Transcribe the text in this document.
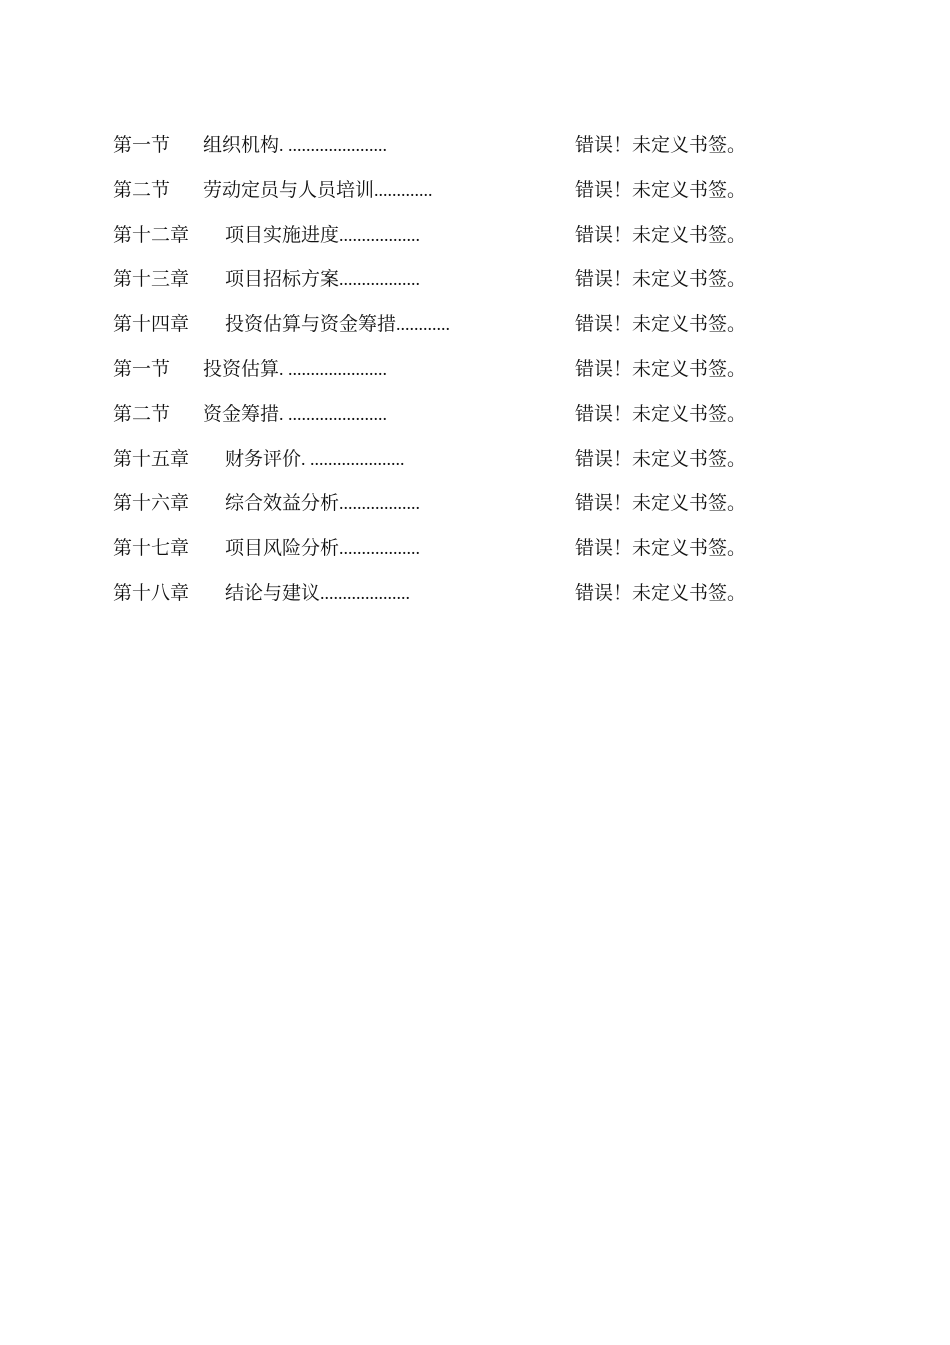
第一节 组织机构. ......................	错误！未定义书签。
第二节 劳动定员与人员培训.............	错误！未定义书签。
第十二章 项目实施进度..................	错误！未定义书签。
第十三章 项目招标方案..................	错误！未定义书签。
第十四章 投资估算与资金筹措............	错误！未定义书签。
第一节 投资估算. ......................	错误！未定义书签。
第二节 资金筹措. ......................	错误！未定义书签。
第十五章 财务评价. .....................	错误！未定义书签。
第十六章 综合效益分析..................	错误！未定义书签。
第十七章 项目风险分析..................	错误！未定义书签。
第十八章 结论与建议....................	错误！未定义书签。
